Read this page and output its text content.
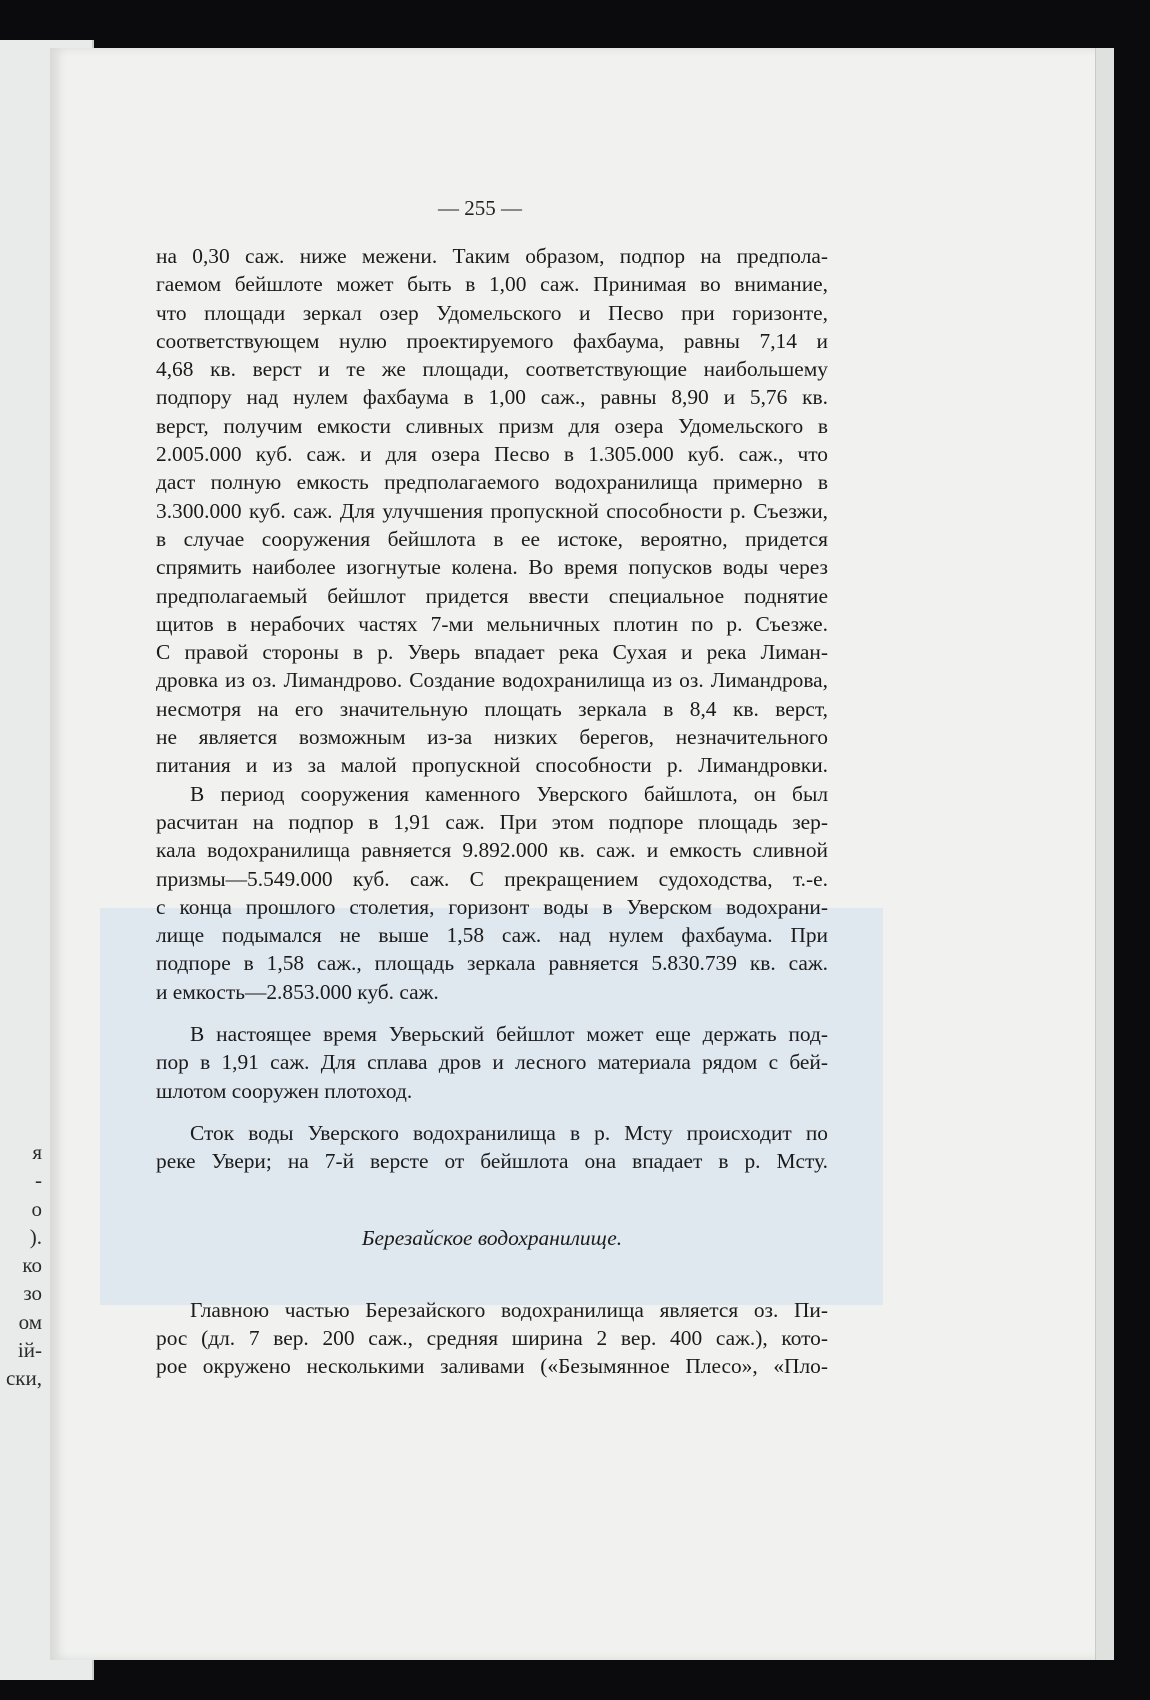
я
-
о
).
ко
зо
ом
ій-
ски,
— 255 —
на 0,30 саж. ниже межени. Таким образом, подпор на предпола-
гаемом бейшлоте может быть в 1,00 саж. Принимая во внимание,
что площади зеркал озер Удомельского и Песво при горизонте,
соответствующем нулю проектируемого фахбаума, равны 7,14 и
4,68 кв. верст и те же площади, соответствующие наибольшему
подпору над нулем фахбаума в 1,00 саж., равны 8,90 и 5,76 кв.
верст, получим емкости сливных призм для озера Удомельского в
2.005.000 куб. саж. и для озера Песво в 1.305.000 куб. саж., что
даст полную емкость предполагаемого водохранилища примерно в
3.300.000 куб. саж. Для улучшения пропускной способности р. Съезжи,
в случае сооружения бейшлота в ее истоке, вероятно, придется
спрямить наиболее изогнутые колена. Во время попусков воды через
предполагаемый бейшлот придется ввести специальное поднятие
щитов в нерабочих частях 7-ми мельничных плотин по р. Съезже.
С правой стороны в р. Уверь впадает река Сухая и река Лиман-
дровка из оз. Лимандрово. Создание водохранилища из оз. Лимандрова,
несмотря на его значительную площать зеркала в 8,4 кв. верст,
не является возможным из-за низких берегов, незначительного
питания и из за малой пропускной способности р. Лимандровки.
В период сооружения каменного Уверского байшлота, он был
расчитан на подпор в 1,91 саж. При этом подпоре площадь зер-
кала водохранилища равняется 9.892.000 кв. саж. и емкость сливной
призмы—5.549.000 куб. саж. С прекращением судоходства, т.-е.
с конца прошлого столетия, горизонт воды в Уверском водохрани-
лище подымался не выше 1,58 саж. над нулем фахбаума. При
подпоре в 1,58 саж., площадь зеркала равняется 5.830.739 кв. саж.
и емкость—2.853.000 куб. саж.
В настоящее время Уверьский бейшлот может еще держать под-
пор в 1,91 саж. Для сплава дров и лесного материала рядом с бей-
шлотом сооружен плотоход.
Сток воды Уверского водохранилища в р. Мсту происходит по
реке Увери; на 7-й версте от бейшлота она впадает в р. Мсту.
Березайское водохранилище.
Главною частью Березайского водохранилища является оз. Пи-
рос (дл. 7 вер. 200 саж., средняя ширина 2 вер. 400 саж.), кото-
рое окружено несколькими заливами («Безымянное Плесо», «Пло-
